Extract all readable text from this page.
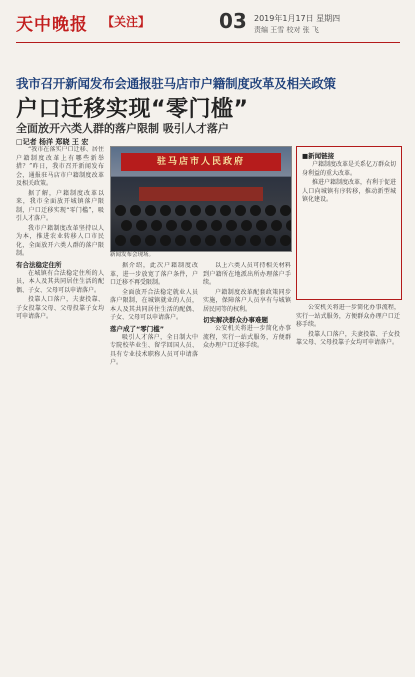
天中晚报 【关注】	03 2019年1月17日 星期四
责编 王雪 校对 张 飞
我市召开新闻发布会通报驻马店市户籍制度改革及相关政策
户口迁移实现“零门槛”
全面放开六类人群的落户限制 吸引人才落户
□记者 杨洋 郑晓 王 宏

“我市在落实户口迁移、居住户籍制度改革上有哪些新举措？”昨日，我市召开新闻发布会，通报驻马店市户籍制度改革及相关政策。

据了解，户籍制度改革以来，我市全面放开城镇落户限制，户口迁移实现“零门槛”，吸引人才落户。

我市户籍制度改革坚持以人为本，推进农业转移人口市民化，全面放开六类人群的落户限制。

有合法稳定住所

在城镇有合法稳定住所的人员，本人及其共同居住生活的配偶、子女、父母可以申请落户。

投靠人口落户，夫妻投靠、子女投靠父母、父母投靠子女均可申请落户。

驻马店市人民政府
新闻发布会现场。

据介绍，此次户籍制度改革，进一步放宽了落户条件，户口迁移不再受限制。

全面放开合法稳定就业人员落户限制，在城镇就业的人员，本人及其共同居住生活的配偶、子女、父母可以申请落户。

落户成了“零门槛”

吸引人才落户，全日制大中专院校毕业生、留学回国人员、具有专业技术职称人员可申请落户。

以上六类人员可持相关材料到户籍所在地派出所办理落户手续。

户籍制度改革配套政策同步实施，保障落户人员享有与城镇居民同等的权利。

切实解决群众办事难题

公安机关将进一步简化办事流程，实行一站式服务，方便群众办理户口迁移手续。

■新闻链接

户籍制度改革是关系亿万群众切身利益的重大改革。

推进户籍制度改革，有利于促进人口向城镇有序转移，推动新型城镇化建设。

公安机关将进一步简化办事流程，实行一站式服务，方便群众办理户口迁移手续。

投靠人口落户，夫妻投靠、子女投靠父母、父母投靠子女均可申请落户。
